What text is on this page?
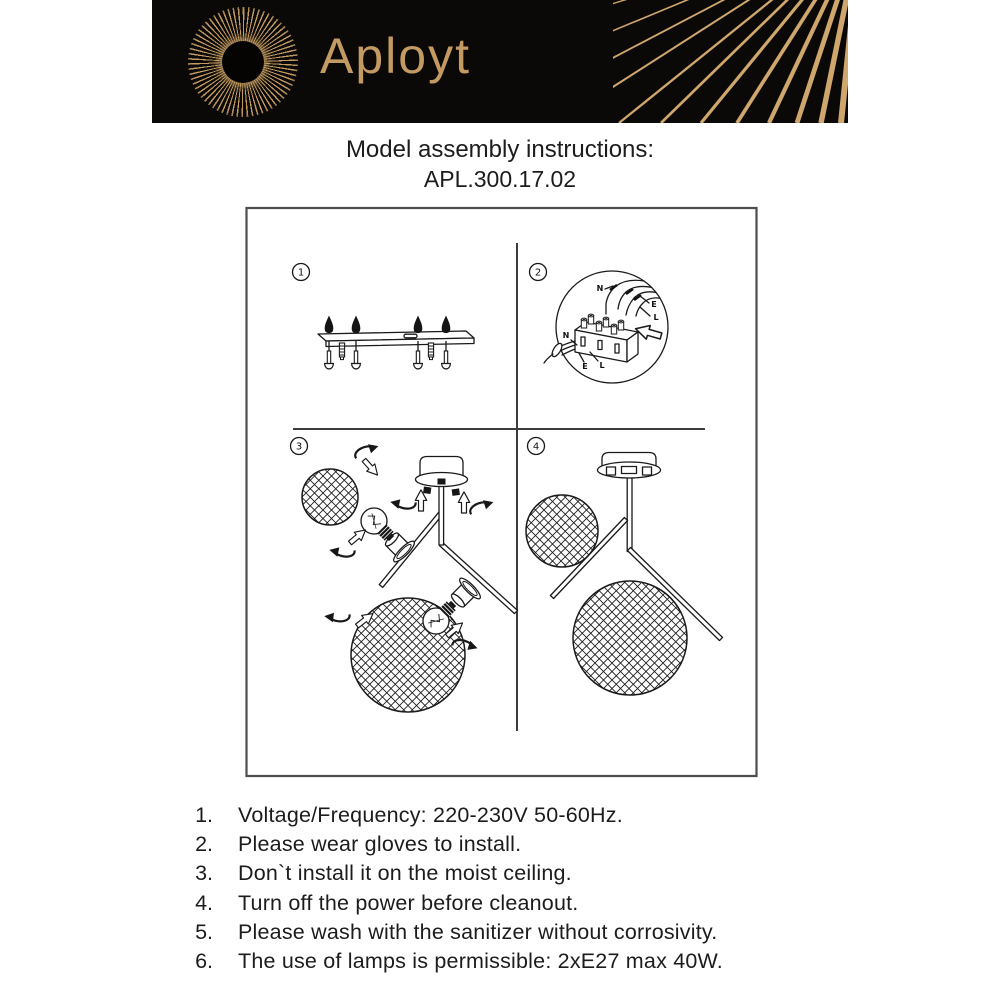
Aployt
Model assembly instructions:
APL.300.17.02
1	2
3	4
N
E
L
N
E L
1. Voltage/Frequency: 220-230V 50-60Hz.
2. Please wear gloves to install.
3. Don`t install it on the moist ceiling.
4. Turn off the power before cleanout.
5. Please wash with the sanitizer without corrosivity.
6. The use of lamps is permissible: 2xE27 max 40W.
